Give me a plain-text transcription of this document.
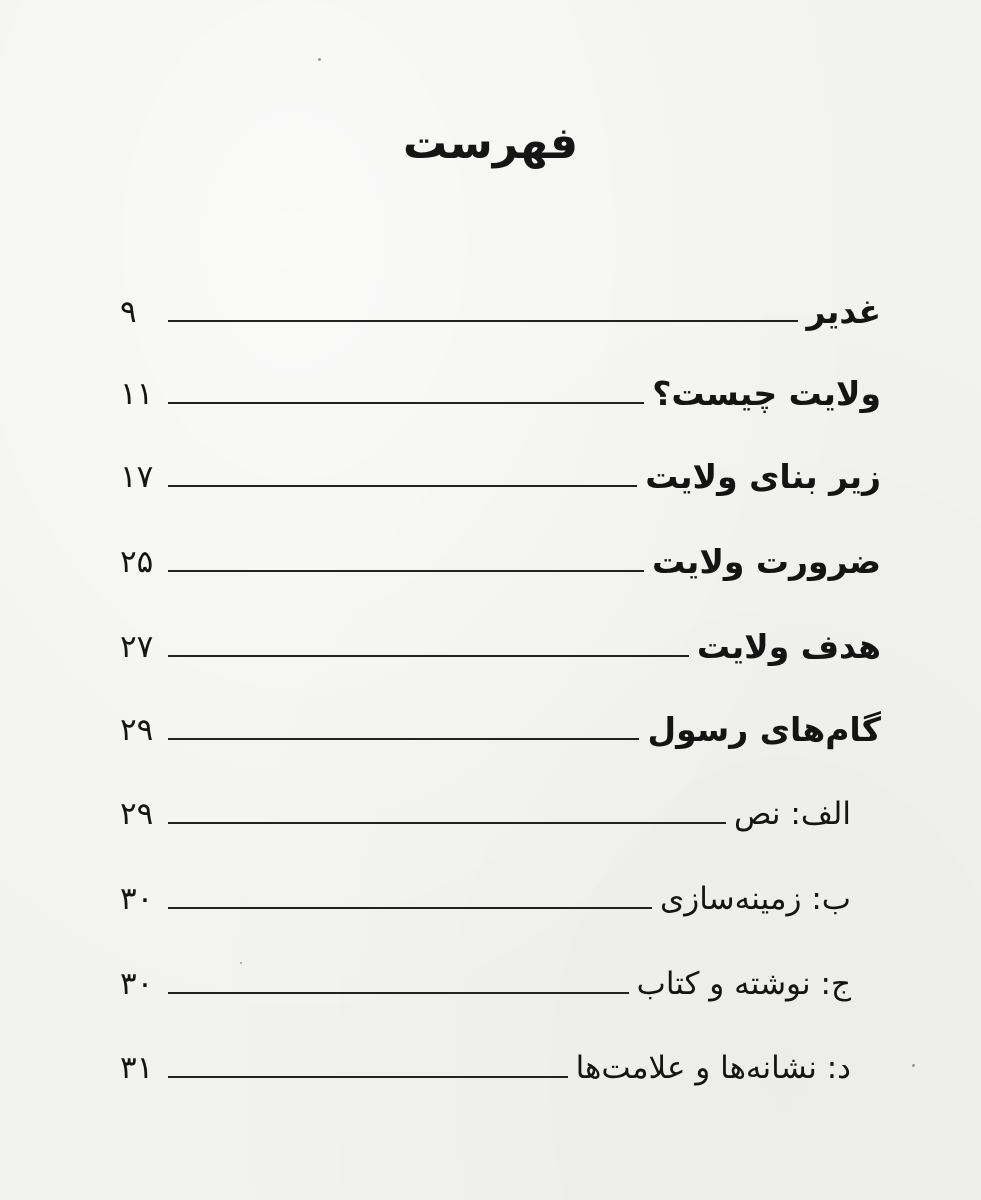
فهرست
غدیر
۹
ولایت چیست؟
۱۱
زیر بنای ولایت
۱۷
ضرورت ولایت
۲۵
هدف ولایت
۲۷
گام‌های رسول
۲۹
الف: نص
۲۹
ب: زمینه‌سازی
۳۰
ج: نوشته و کتاب
۳۰
د: نشانه‌ها و علامت‌ها
۳۱
